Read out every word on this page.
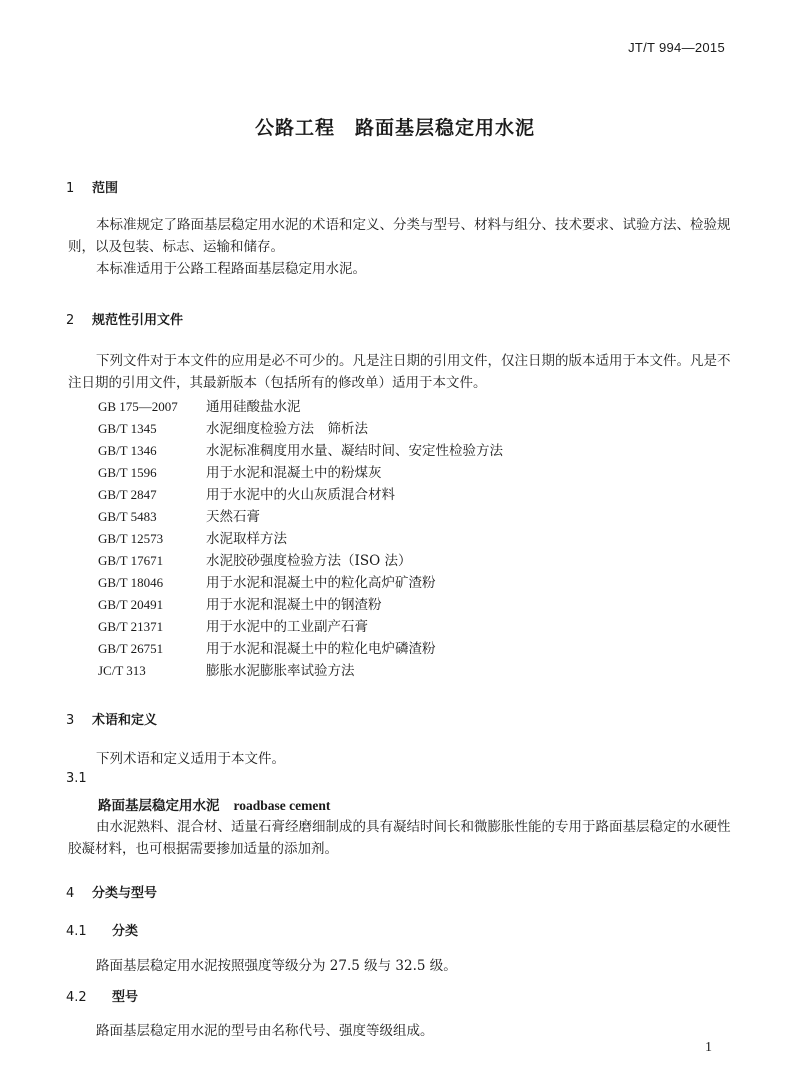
JT/T 994—2015
公路工程　路面基层稳定用水泥
1 范围
本标准规定了路面基层稳定用水泥的术语和定义、分类与型号、材料与组分、技术要求、试验方法、检验规则，以及包装、标志、运输和储存。
本标准适用于公路工程路面基层稳定用水泥。
2 规范性引用文件
下列文件对于本文件的应用是必不可少的。凡是注日期的引用文件，仅注日期的版本适用于本文件。凡是不注日期的引用文件，其最新版本（包括所有的修改单）适用于本文件。
GB 175—2007 通用硅酸盐水泥
GB/T 1345	水泥细度检验方法　筛析法
GB/T 1346	水泥标准稠度用水量、凝结时间、安定性检验方法
GB/T 1596	用于水泥和混凝土中的粉煤灰
GB/T 2847	用于水泥中的火山灰质混合材料
GB/T 5483	天然石膏
GB/T 12573	水泥取样方法
GB/T 17671	水泥胶砂强度检验方法（ISO 法）
GB/T 18046	用于水泥和混凝土中的粒化高炉矿渣粉
GB/T 20491	用于水泥和混凝土中的钢渣粉
GB/T 21371	用于水泥中的工业副产石膏
GB/T 26751	用于水泥和混凝土中的粒化电炉磷渣粉
JC/T 313	膨胀水泥膨胀率试验方法
3 术语和定义
下列术语和定义适用于本文件。
3.1
路面基层稳定用水泥 roadbase cement
由水泥熟料、混合材、适量石膏经磨细制成的具有凝结时间长和微膨胀性能的专用于路面基层稳定的水硬性胶凝材料，也可根据需要掺加适量的添加剂。
4 分类与型号
4.1 分类
路面基层稳定用水泥按照强度等级分为 27.5 级与 32.5 级。
4.2 型号
路面基层稳定用水泥的型号由名称代号、强度等级组成。
1
